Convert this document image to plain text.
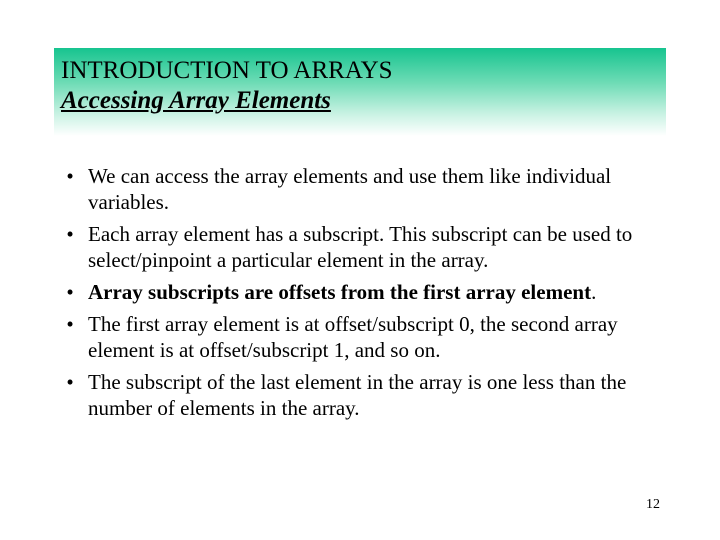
INTRODUCTION TO ARRAYS
Accessing Array Elements
• We can access the array elements and use them like individual variables.
• Each array element has a subscript. This subscript can be used to select/pinpoint a particular element in the array.
• Array subscripts are offsets from the first array element.
• The first array element is at offset/subscript 0, the second array element is at offset/subscript 1, and so on.
• The subscript of the last element in the array is one less than the number of elements in the array.
12
